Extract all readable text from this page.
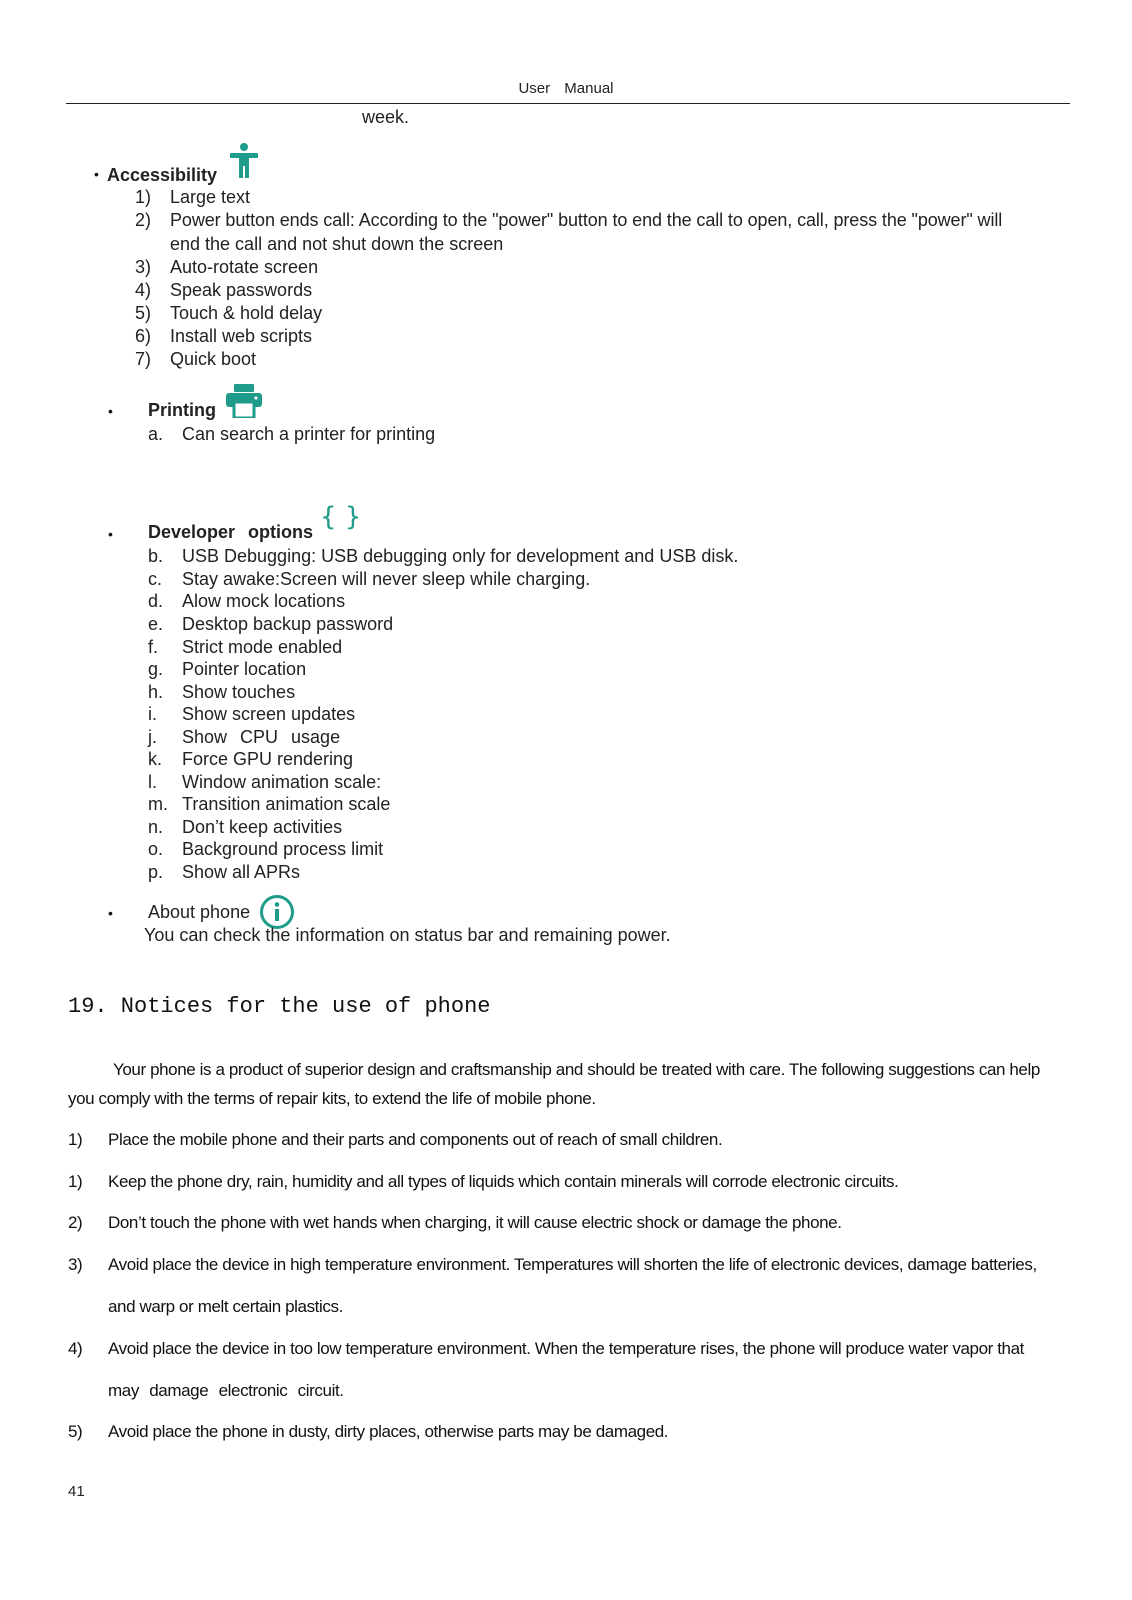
User Manual
week.
• Accessibility
1) Large text
2) Power button ends call: According to the "power" button to end the call to open, call, press the "power" will
end the call and not shut down the screen
3) Auto-rotate screen
4) Speak passwords
5) Touch & hold delay
6) Install web scripts
7) Quick boot
• Printing
a. Can search a printer for printing
• Developer options { }
b. USB Debugging: USB debugging only for development and USB disk.
c. Stay awake:Screen will never sleep while charging.
d. Alow mock locations
e. Desktop backup password
f. Strict mode enabled
g. Pointer location
h. Show touches
i. Show screen updates
j. Show CPU usage
k. Force GPU rendering
l. Window animation scale:
m. Transition animation scale
n. Don’t keep activities
o. Background process limit
p. Show all APRs
• About phone
You can check the information on status bar and remaining power.
19. Notices for the use of phone
Your phone is a product of superior design and craftsmanship and should be treated with care. The following suggestions can help
you comply with the terms of repair kits, to extend the life of mobile phone.
1) Place the mobile phone and their parts and components out of reach of small children.
1) Keep the phone dry, rain, humidity and all types of liquids which contain minerals will corrode electronic circuits.
2) Don’t touch the phone with wet hands when charging, it will cause electric shock or damage the phone.
3) Avoid place the device in high temperature environment. Temperatures will shorten the life of electronic devices, damage batteries,
and warp or melt certain plastics.
4) Avoid place the device in too low temperature environment. When the temperature rises, the phone will produce water vapor that
may damage electronic circuit.
5) Avoid place the phone in dusty, dirty places, otherwise parts may be damaged.
41
